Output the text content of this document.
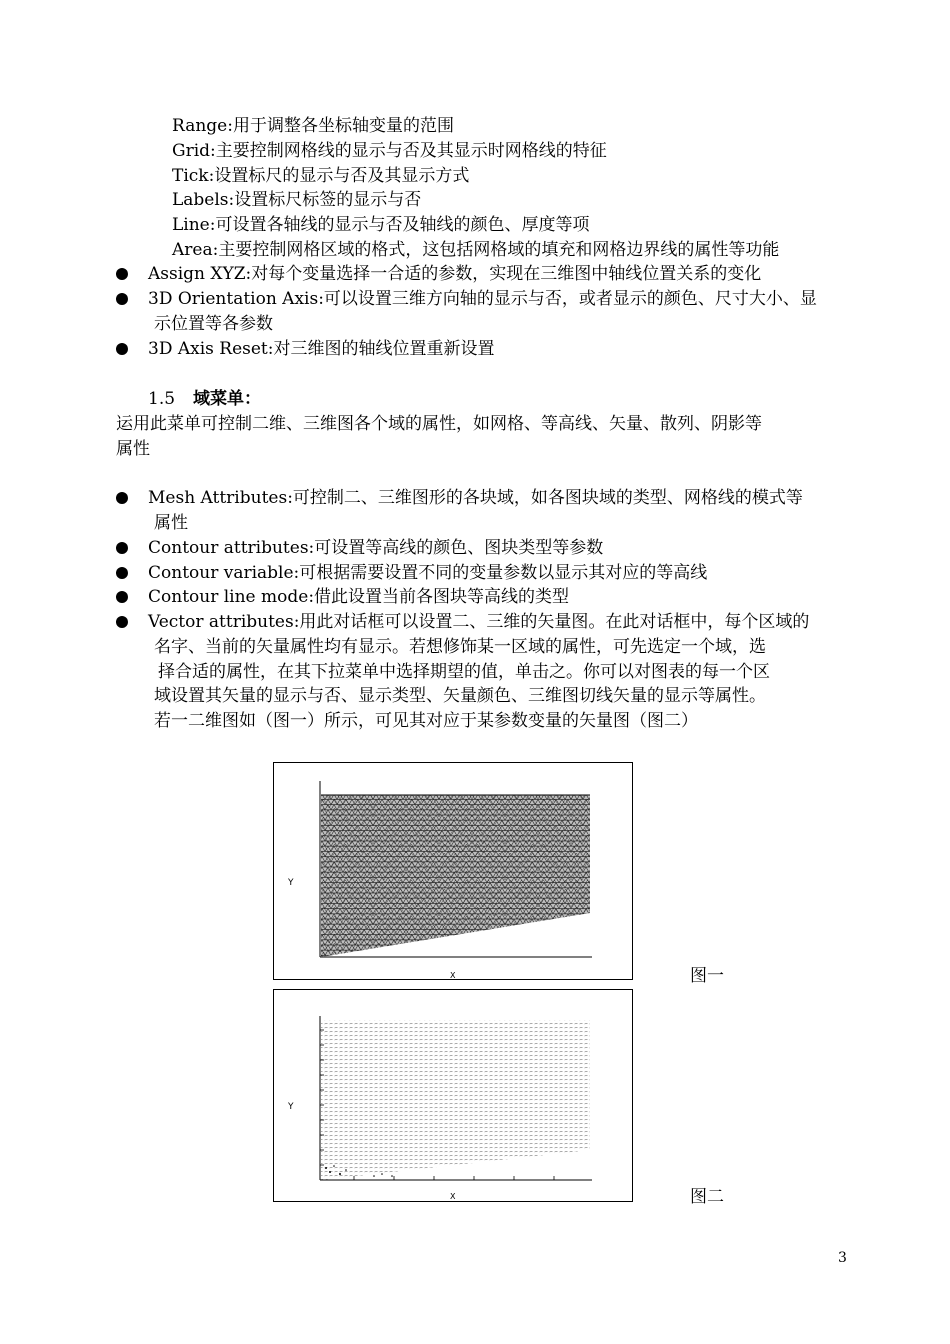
Range:用于调整各坐标轴变量的范围
Grid:主要控制网格线的显示与否及其显示时网格线的特征
Tick:设置标尺的显示与否及其显示方式
Labels:设置标尺标签的显示与否
Line:可设置各轴线的显示与否及轴线的颜色、厚度等项
Area:主要控制网格区域的格式，这包括网格域的填充和网格边界线的属性等功能
Assign XYZ:对每个变量选择一合适的参数，实现在三维图中轴线位置关系的变化
3D Orientation Axis:可以设置三维方向轴的显示与否，或者显示的颜色、尺寸大小、显
示位置等各参数
3D Axis Reset:对三维图的轴线位置重新设置
1.5 域菜单：
运用此菜单可控制二维、三维图各个域的属性，如网格、等高线、矢量、散列、阴影等
属性
Mesh Attributes:可控制二、三维图形的各块域，如各图块域的类型、网格线的模式等
属性
Contour attributes:可设置等高线的颜色、图块类型等参数
Contour variable:可根据需要设置不同的变量参数以显示其对应的等高线
Contour line mode:借此设置当前各图块等高线的类型
Vector attributes:用此对话框可以设置二、三维的矢量图。在此对话框中，每个区域的
名字、当前的矢量属性均有显示。若想修饰某一区域的属性，可先选定一个域，选
择合适的属性，在其下拉菜单中选择期望的值，单击之。你可以对图表的每一个区
域设置其矢量的显示与否、显示类型、矢量颜色、三维图切线矢量的显示等属性。
若一二维图如（图一）所示，可见其对应于某参数变量的矢量图（图二）
Y
X	图一
Y
X	图二
3
